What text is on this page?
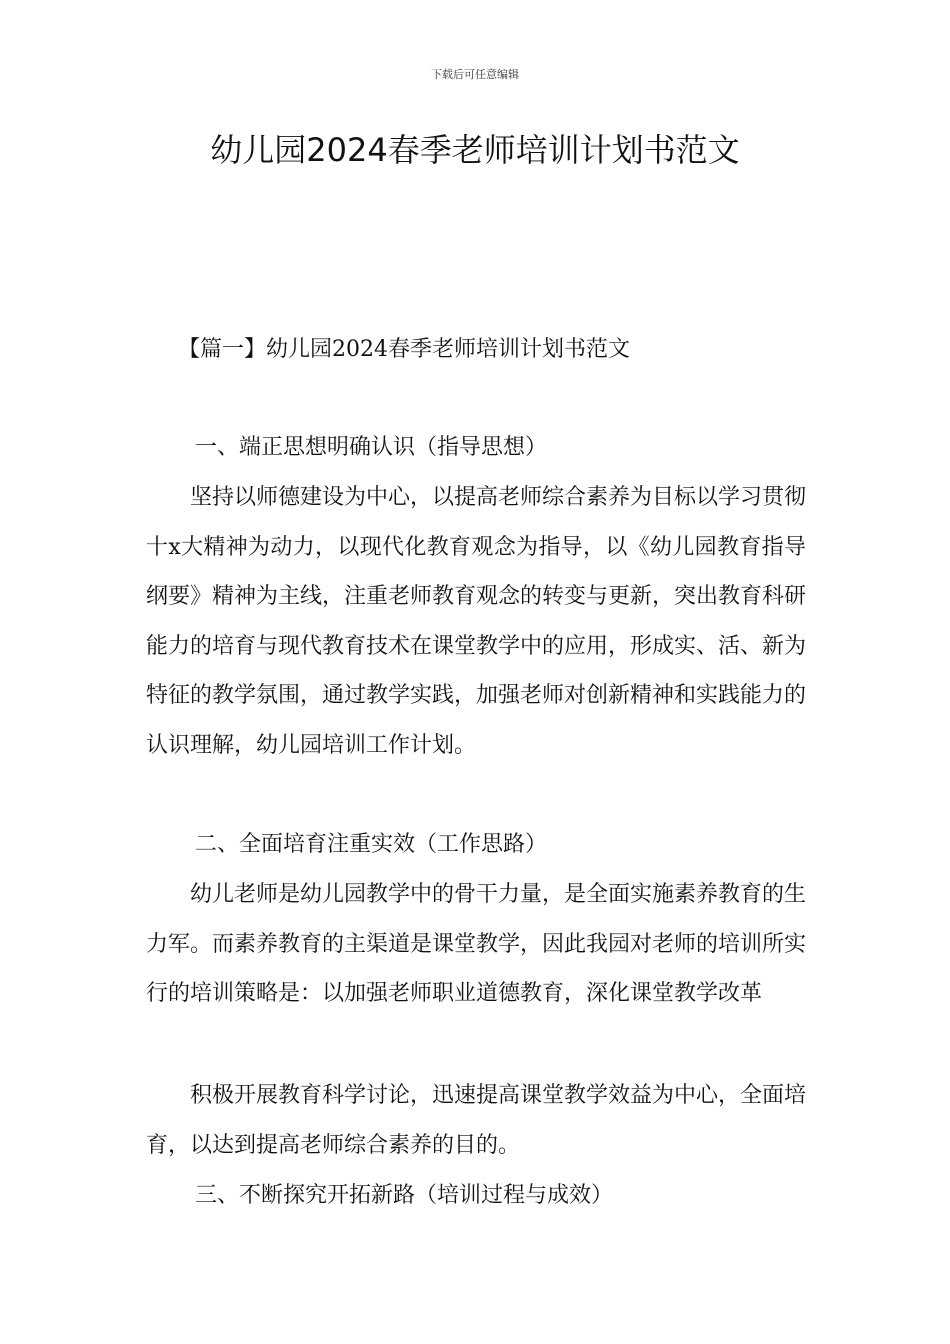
下载后可任意编辑
幼儿园2024春季老师培训计划书范文
【篇一】幼儿园2024春季老师培训计划书范文
一、端正思想明确认识（指导思想）

坚持以师德建设为中心，以提高老师综合素养为目标以学习贯彻十x大精神为动力，以现代化教育观念为指导，以《幼儿园教育指导纲要》精神为主线，注重老师教育观念的转变与更新，突出教育科研能力的培育与现代教育技术在课堂教学中的应用，形成实、活、新为特征的教学氛围，通过教学实践，加强老师对创新精神和实践能力的认识理解，幼儿园培训工作计划。

二、全面培育注重实效（工作思路）

幼儿老师是幼儿园教学中的骨干力量，是全面实施素养教育的生力军。而素养教育的主渠道是课堂教学，因此我园对老师的培训所实行的培训策略是：以加强老师职业道德教育，深化课堂教学改革

积极开展教育科学讨论，迅速提高课堂教学效益为中心，全面培育，以达到提高老师综合素养的目的。

三、不断探究开拓新路（培训过程与成效）
